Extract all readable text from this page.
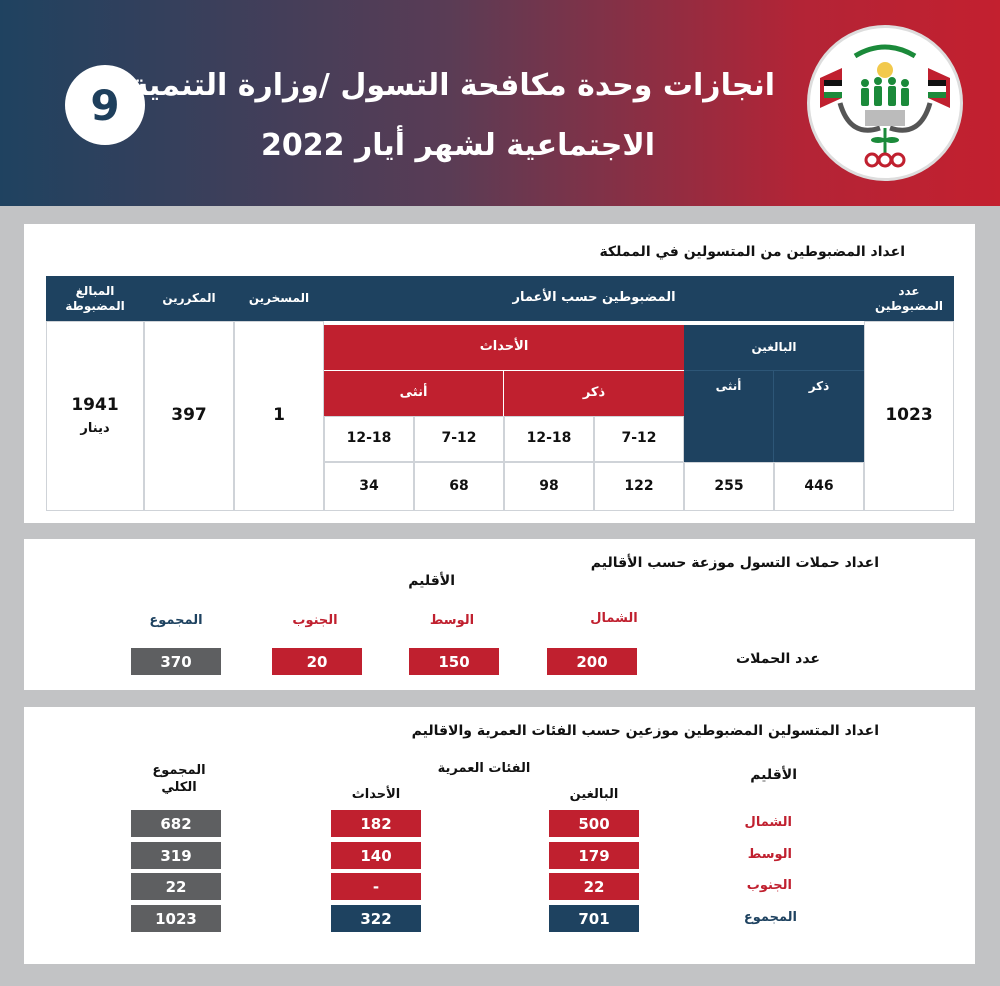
9 انجازات وحدة مكافحة التسول /وزارة التنمية
الاجتماعية لشهر أيار 2022
اعداد المضبوطين من المتسولين في المملكة
عدد المضبوطين
1023
المضبوطين حسب الأعمار
البالغين
ذكر
أنثى
الأحداث
ذكر
أنثى
7-12
12-18
7-12
12-18
446
255
122
98
68
34
المسخرين
1
المكررين
397
المبالغ المضبوطة
1941
دينار
اعداد حملات التسول موزعة حسب الأقاليم
الأقليم
الشمال
الوسط
الجنوب
المجموع
عدد الحملات
200
150
20
370
اعداد المتسولين المضبوطين موزعين حسب الفئات العمرية والاقاليم
الأقليم
الفئات العمرية
البالغين
الأحداث
المجموع الكلي
الشمال
500
182
682
الوسط
179
140
319
الجنوب
22
-
22
المجموع
701
322
1023
